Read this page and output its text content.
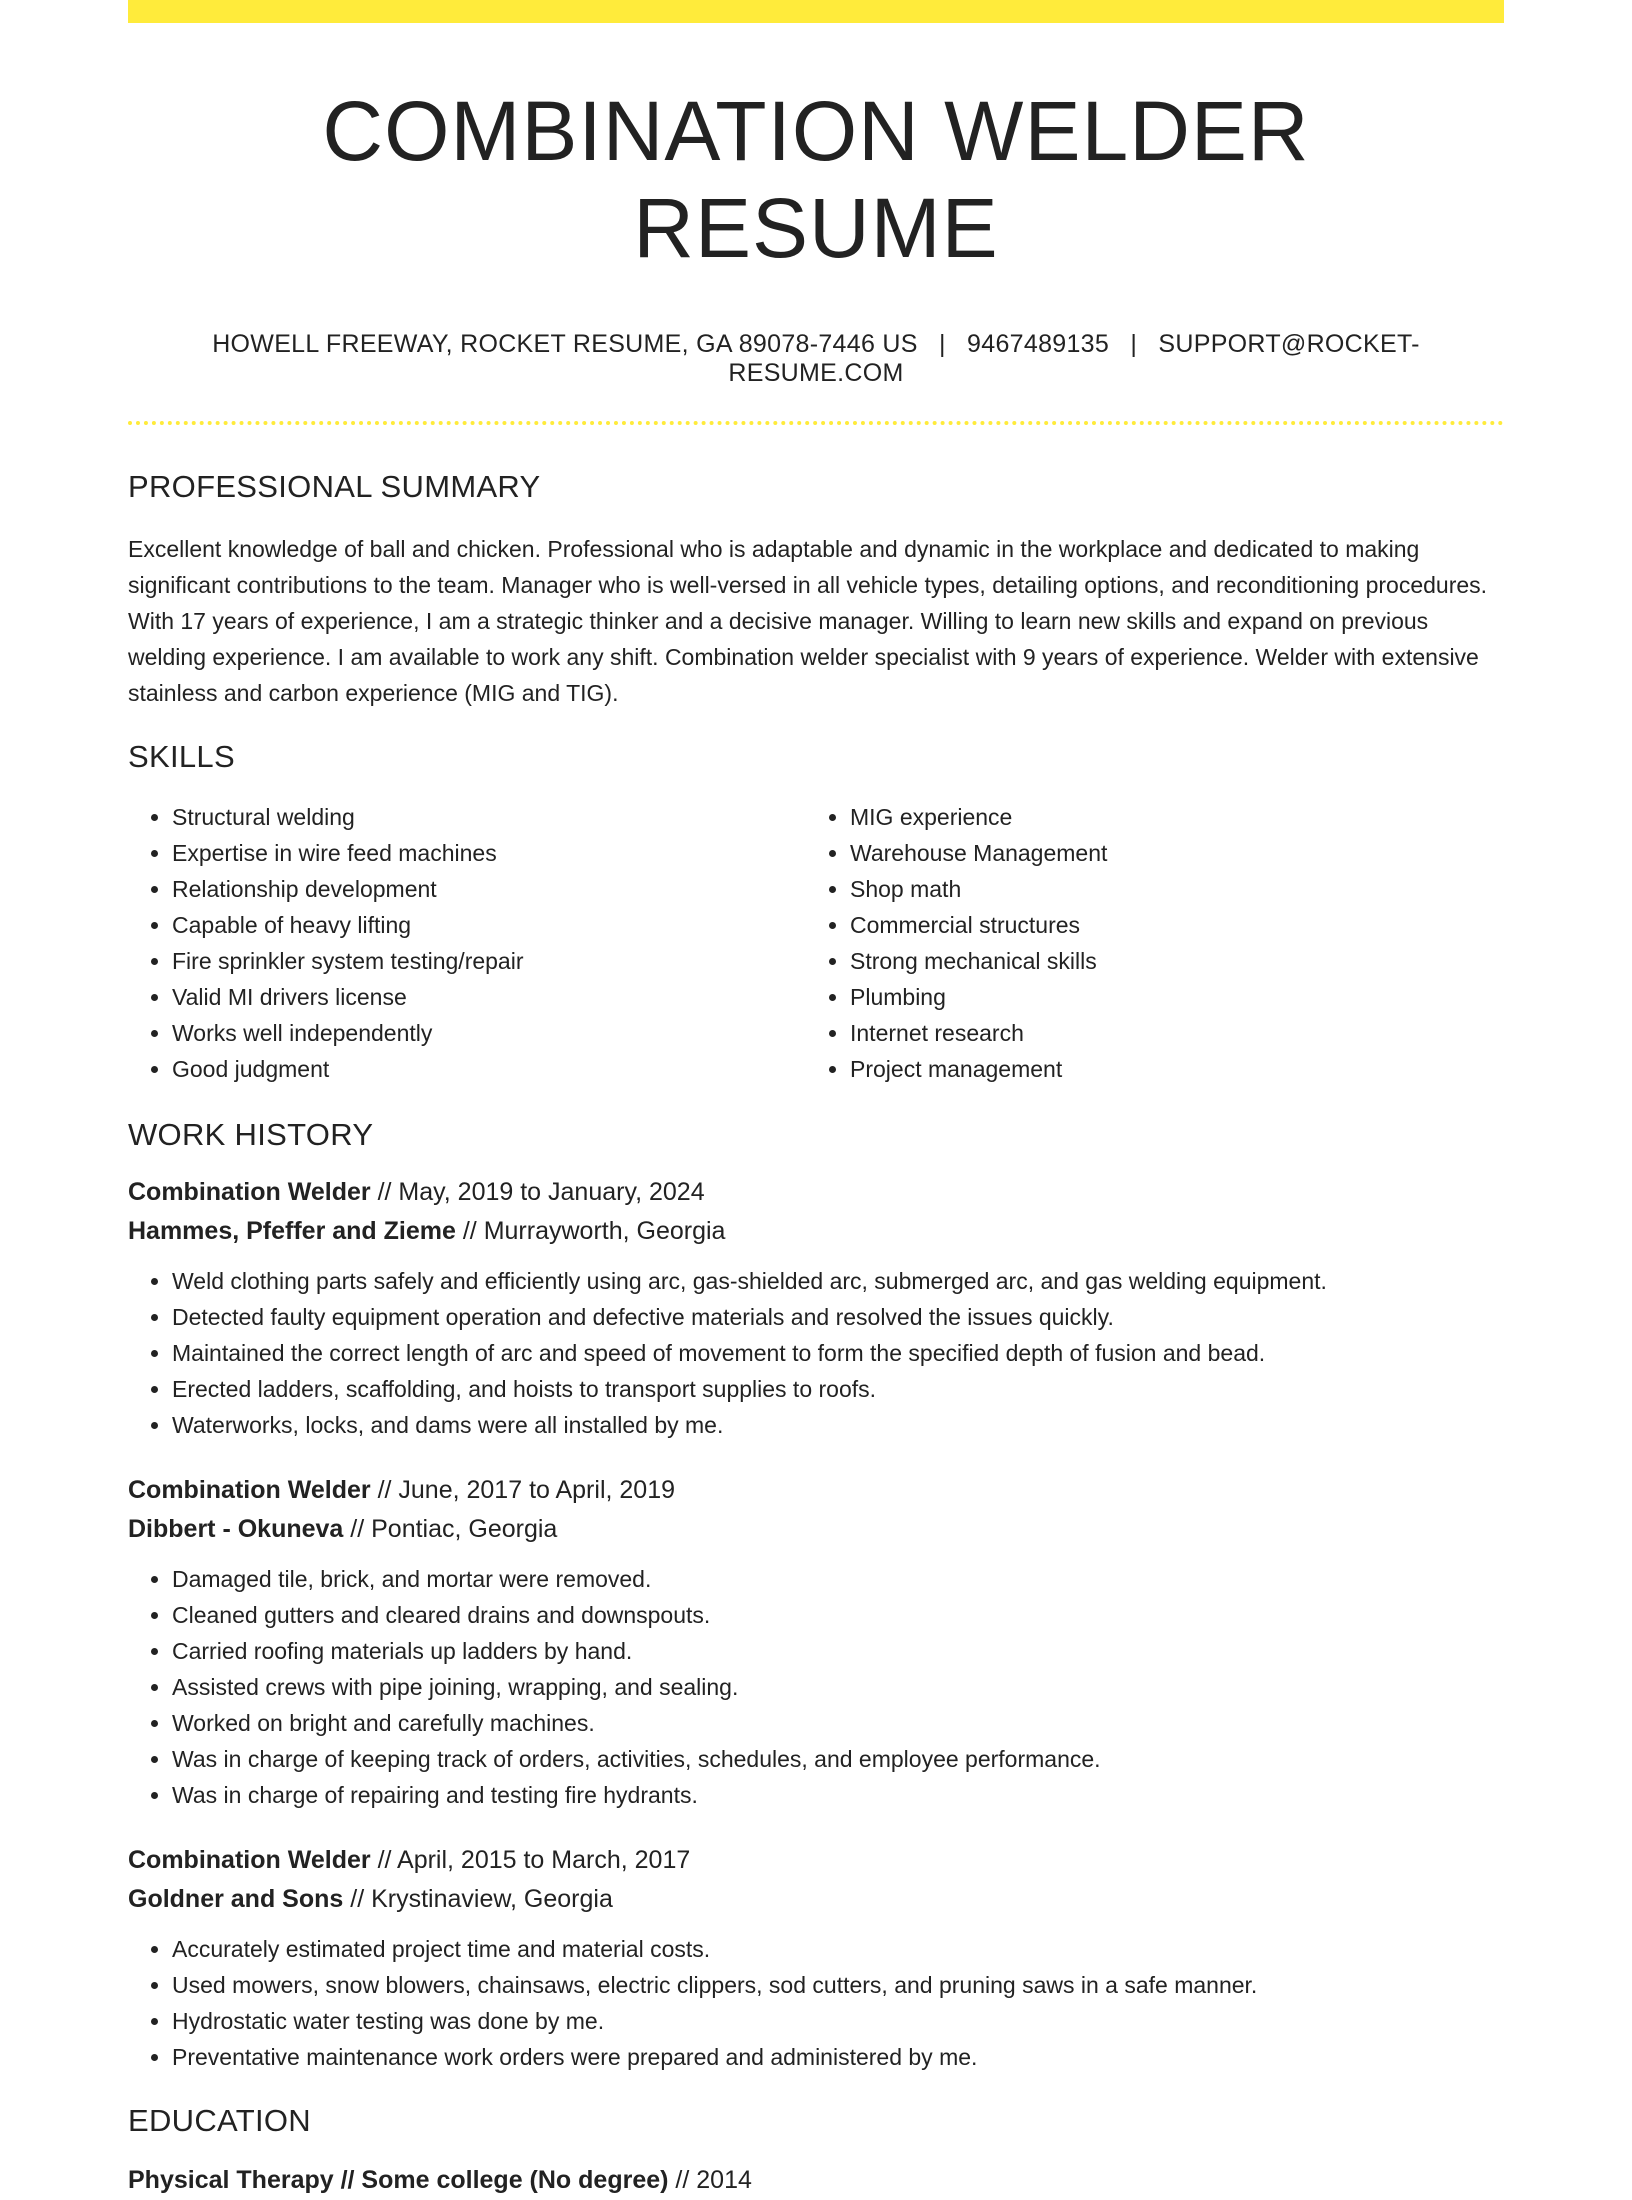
COMBINATION WELDER RESUME
HOWELL FREEWAY, ROCKET RESUME, GA 89078-7446 US | 9467489135 | SUPPORT@ROCKET-RESUME.COM
PROFESSIONAL SUMMARY
Excellent knowledge of ball and chicken. Professional who is adaptable and dynamic in the workplace and dedicated to making significant contributions to the team. Manager who is well-versed in all vehicle types, detailing options, and reconditioning procedures. With 17 years of experience, I am a strategic thinker and a decisive manager. Willing to learn new skills and expand on previous welding experience. I am available to work any shift. Combination welder specialist with 9 years of experience. Welder with extensive stainless and carbon experience (MIG and TIG).
SKILLS
• Structural welding
• Expertise in wire feed machines
• Relationship development
• Capable of heavy lifting
• Fire sprinkler system testing/repair
• Valid MI drivers license
• Works well independently
• Good judgment
• MIG experience
• Warehouse Management
• Shop math
• Commercial structures
• Strong mechanical skills
• Plumbing
• Internet research
• Project management
WORK HISTORY
Combination Welder // May, 2019 to January, 2024
Hammes, Pfeffer and Zieme // Murrayworth, Georgia
• Weld clothing parts safely and efficiently using arc, gas-shielded arc, submerged arc, and gas welding equipment.
• Detected faulty equipment operation and defective materials and resolved the issues quickly.
• Maintained the correct length of arc and speed of movement to form the specified depth of fusion and bead.
• Erected ladders, scaffolding, and hoists to transport supplies to roofs.
• Waterworks, locks, and dams were all installed by me.
Combination Welder // June, 2017 to April, 2019
Dibbert - Okuneva // Pontiac, Georgia
• Damaged tile, brick, and mortar were removed.
• Cleaned gutters and cleared drains and downspouts.
• Carried roofing materials up ladders by hand.
• Assisted crews with pipe joining, wrapping, and sealing.
• Worked on bright and carefully machines.
• Was in charge of keeping track of orders, activities, schedules, and employee performance.
• Was in charge of repairing and testing fire hydrants.
Combination Welder // April, 2015 to March, 2017
Goldner and Sons // Krystinaview, Georgia
• Accurately estimated project time and material costs.
• Used mowers, snow blowers, chainsaws, electric clippers, sod cutters, and pruning saws in a safe manner.
• Hydrostatic water testing was done by me.
• Preventative maintenance work orders were prepared and administered by me.
EDUCATION
Physical Therapy // Some college (No degree) // 2014
